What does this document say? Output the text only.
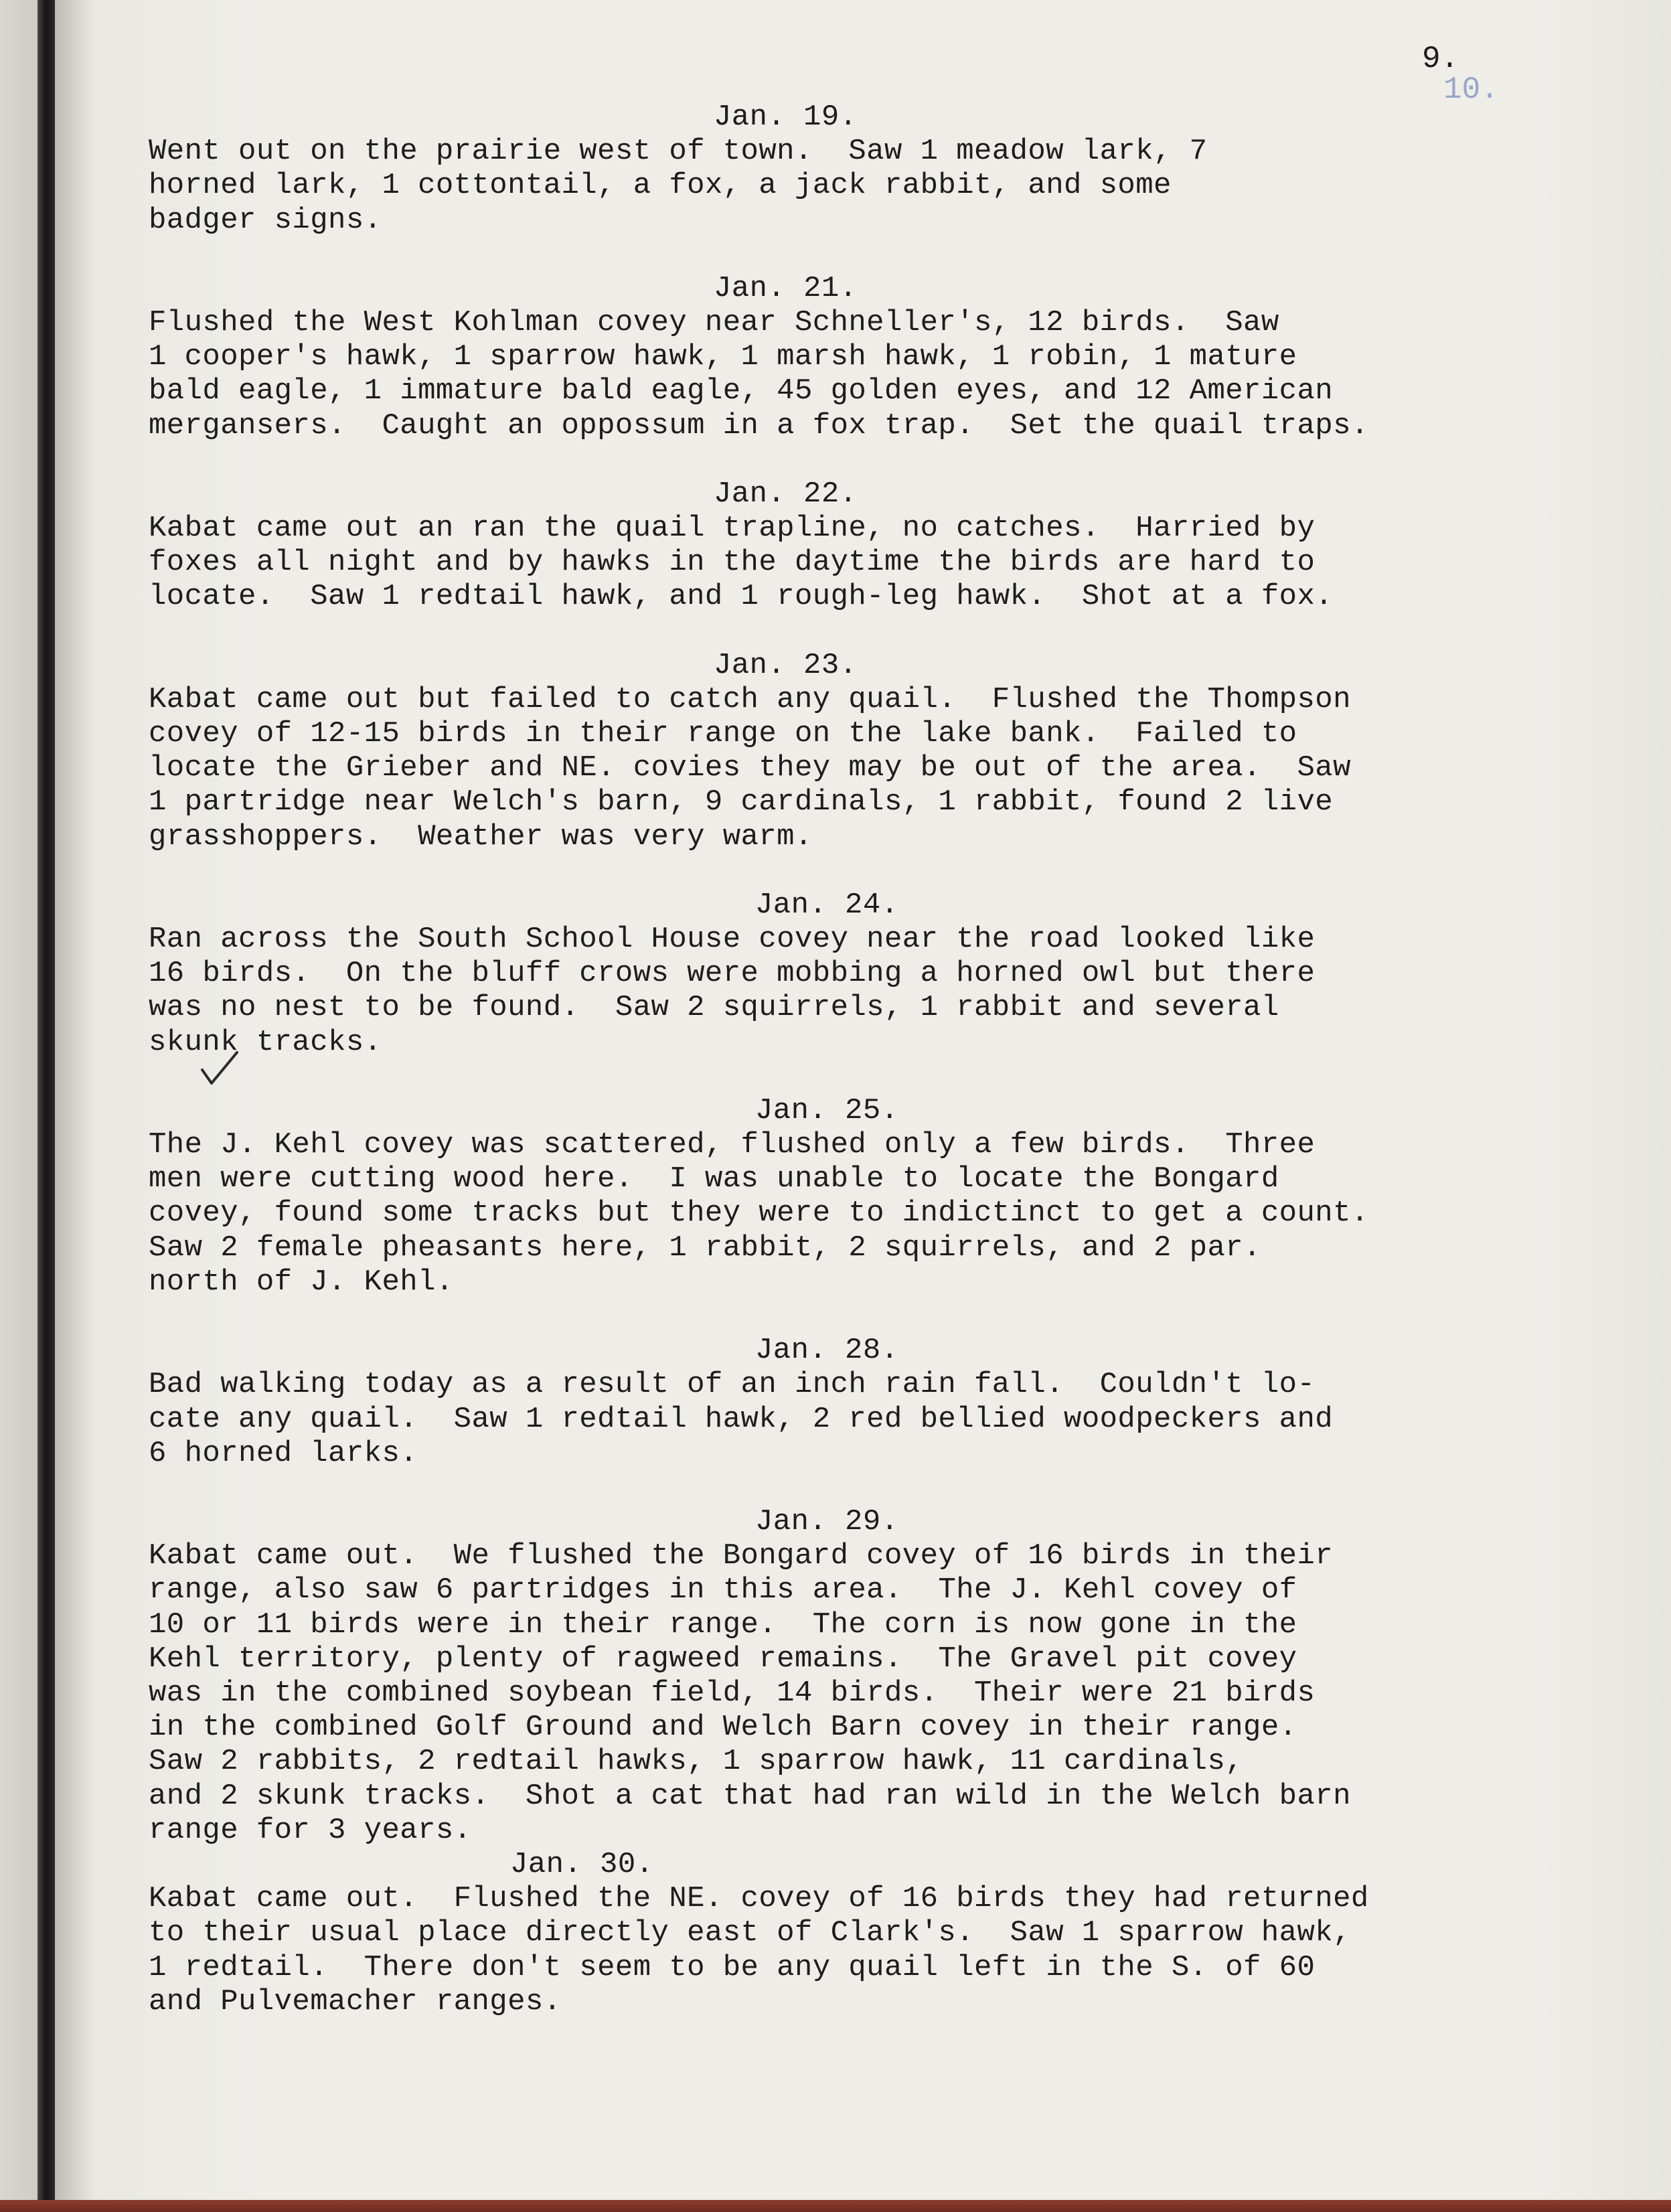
10.
9.
Jan. 19.
Went out on the prairie west of town.  Saw 1 meadow lark, 7
horned lark, 1 cottontail, a fox, a jack rabbit, and some
badger signs.
Jan. 21.
Flushed the West Kohlman covey near Schneller's, 12 birds.  Saw
1 cooper's hawk, 1 sparrow hawk, 1 marsh hawk, 1 robin, 1 mature
bald eagle, 1 immature bald eagle, 45 golden eyes, and 12 American
mergansers.  Caught an oppossum in a fox trap.  Set the quail traps.
Jan. 22.
Kabat came out an ran the quail trapline, no catches.  Harried by
foxes all night and by hawks in the daytime the birds are hard to
locate.  Saw 1 redtail hawk, and 1 rough-leg hawk.  Shot at a fox.
Jan. 23.
Kabat came out but failed to catch any quail.  Flushed the Thompson
covey of 12-15 birds in their range on the lake bank.  Failed to
locate the Grieber and NE. covies they may be out of the area.  Saw
1 partridge near Welch's barn, 9 cardinals, 1 rabbit, found 2 live
grasshoppers.  Weather was very warm.
Jan. 24.
Ran across the South School House covey near the road looked like
16 birds.  On the bluff crows were mobbing a horned owl but there
was no nest to be found.  Saw 2 squirrels, 1 rabbit and several
skunk tracks.
Jan. 25.
The J. Kehl covey was scattered, flushed only a few birds.  Three
men were cutting wood here.  I was unable to locate the Bongard
covey, found some tracks but they were to indictinct to get a count.
Saw 2 female pheasants here, 1 rabbit, 2 squirrels, and 2 par.
north of J. Kehl.
Jan. 28.
Bad walking today as a result of an inch rain fall.  Couldn't lo-
cate any quail.  Saw 1 redtail hawk, 2 red bellied woodpeckers and
6 horned larks.
Jan. 29.
Kabat came out.  We flushed the Bongard covey of 16 birds in their
range, also saw 6 partridges in this area.  The J. Kehl covey of
10 or 11 birds were in their range.  The corn is now gone in the
Kehl territory, plenty of ragweed remains.  The Gravel pit covey
was in the combined soybean field, 14 birds.  Their were 21 birds
in the combined Golf Ground and Welch Barn covey in their range.
Saw 2 rabbits, 2 redtail hawks, 1 sparrow hawk, 11 cardinals,
and 2 skunk tracks.  Shot a cat that had ran wild in the Welch barn
range for 3 years.
Jan. 30.
Kabat came out.  Flushed the NE. covey of 16 birds they had returned
to their usual place directly east of Clark's.  Saw 1 sparrow hawk,
1 redtail.  There don't seem to be any quail left in the S. of 60
and Pulvemacher ranges.
